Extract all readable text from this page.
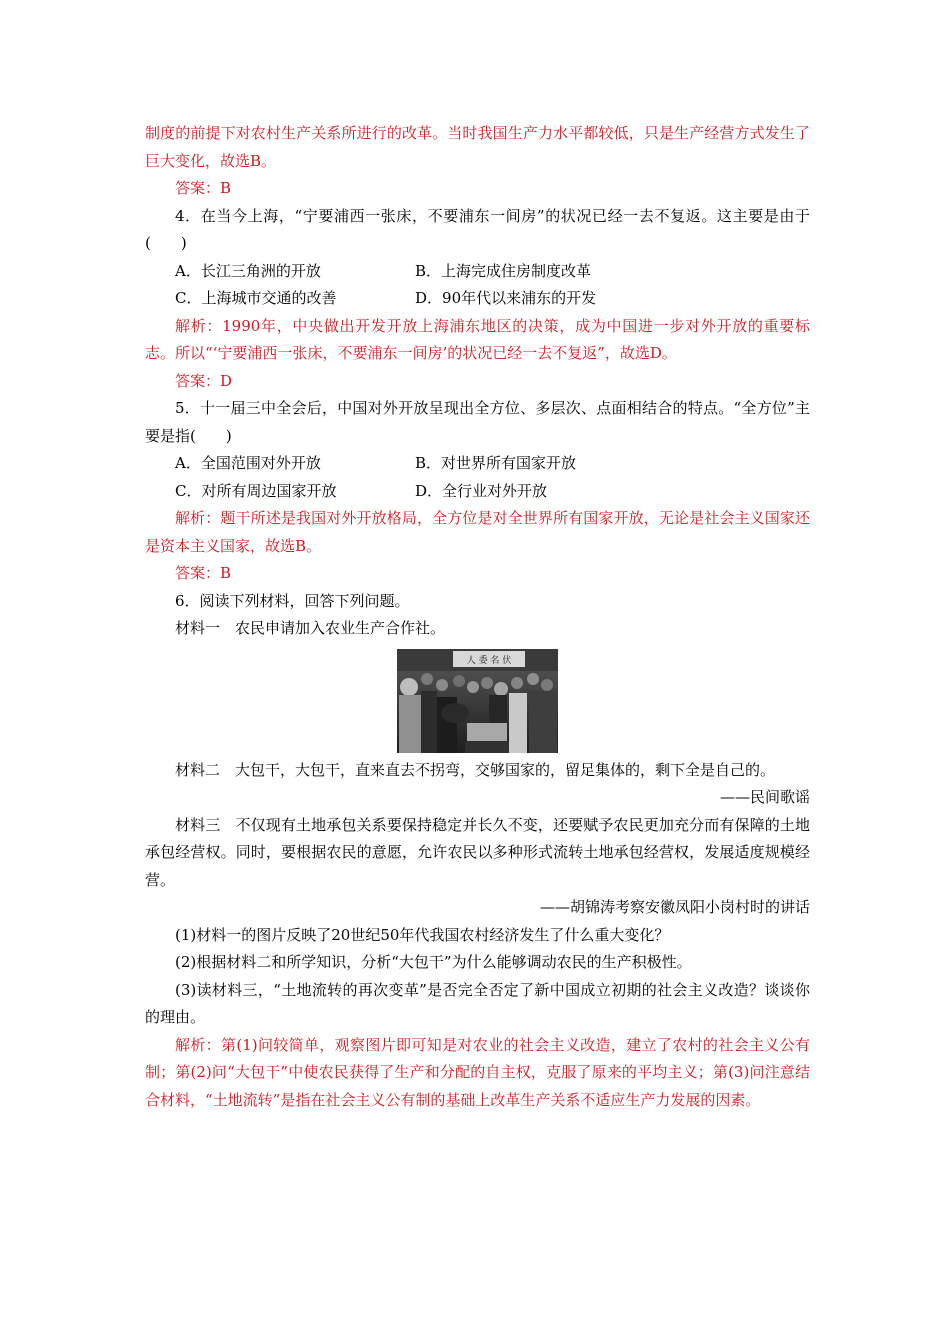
制度的前提下对农村生产关系所进行的改革。当时我国生产力水平都较低，只是生产经营方式发生了巨大变化，故选B。

答案：B

4．在当今上海，“宁要浦西一张床，不要浦东一间房”的状况已经一去不复返。这主要是由于(　　)

A．长江三角洲的开放	B．上海完成住房制度改革
C．上海城市交通的改善	D．90年代以来浦东的开发

解析：1990年，中央做出开发开放上海浦东地区的决策，成为中国进一步对外开放的重要标志。所以“‘宁要浦西一张床，不要浦东一间房’的状况已经一去不复返”，故选D。

答案：D

5．十一届三中全会后，中国对外开放呈现出全方位、多层次、点面相结合的特点。“全方位”主要是指(　　)

A．全国范围对外开放	B．对世界所有国家开放
C．对所有周边国家开放	D．全行业对外开放

解析：题干所述是我国对外开放格局，全方位是对全世界所有国家开放，无论是社会主义国家还是资本主义国家，故选B。

答案：B

6．阅读下列材料，回答下列问题。

材料一　农民申请加入农业生产合作社。

人 委 名 伏

材料二　大包干，大包干，直来直去不拐弯，交够国家的，留足集体的，剩下全是自己的。

——民间歌谣

材料三　不仅现有土地承包关系要保持稳定并长久不变，还要赋予农民更加充分而有保障的土地承包经营权。同时，要根据农民的意愿，允许农民以多种形式流转土地承包经营权，发展适度规模经营。

——胡锦涛考察安徽凤阳小岗村时的讲话

(1)材料一的图片反映了20世纪50年代我国农村经济发生了什么重大变化？

(2)根据材料二和所学知识，分析“大包干”为什么能够调动农民的生产积极性。

(3)读材料三，“土地流转的再次变革”是否完全否定了新中国成立初期的社会主义改造？谈谈你的理由。

解析：第(1)问较简单，观察图片即可知是对农业的社会主义改造，建立了农村的社会主义公有制；第(2)问“大包干”中使农民获得了生产和分配的自主权，克服了原来的平均主义；第(3)问注意结合材料，“土地流转”是指在社会主义公有制的基础上改革生产关系不适应生产力发展的因素。
